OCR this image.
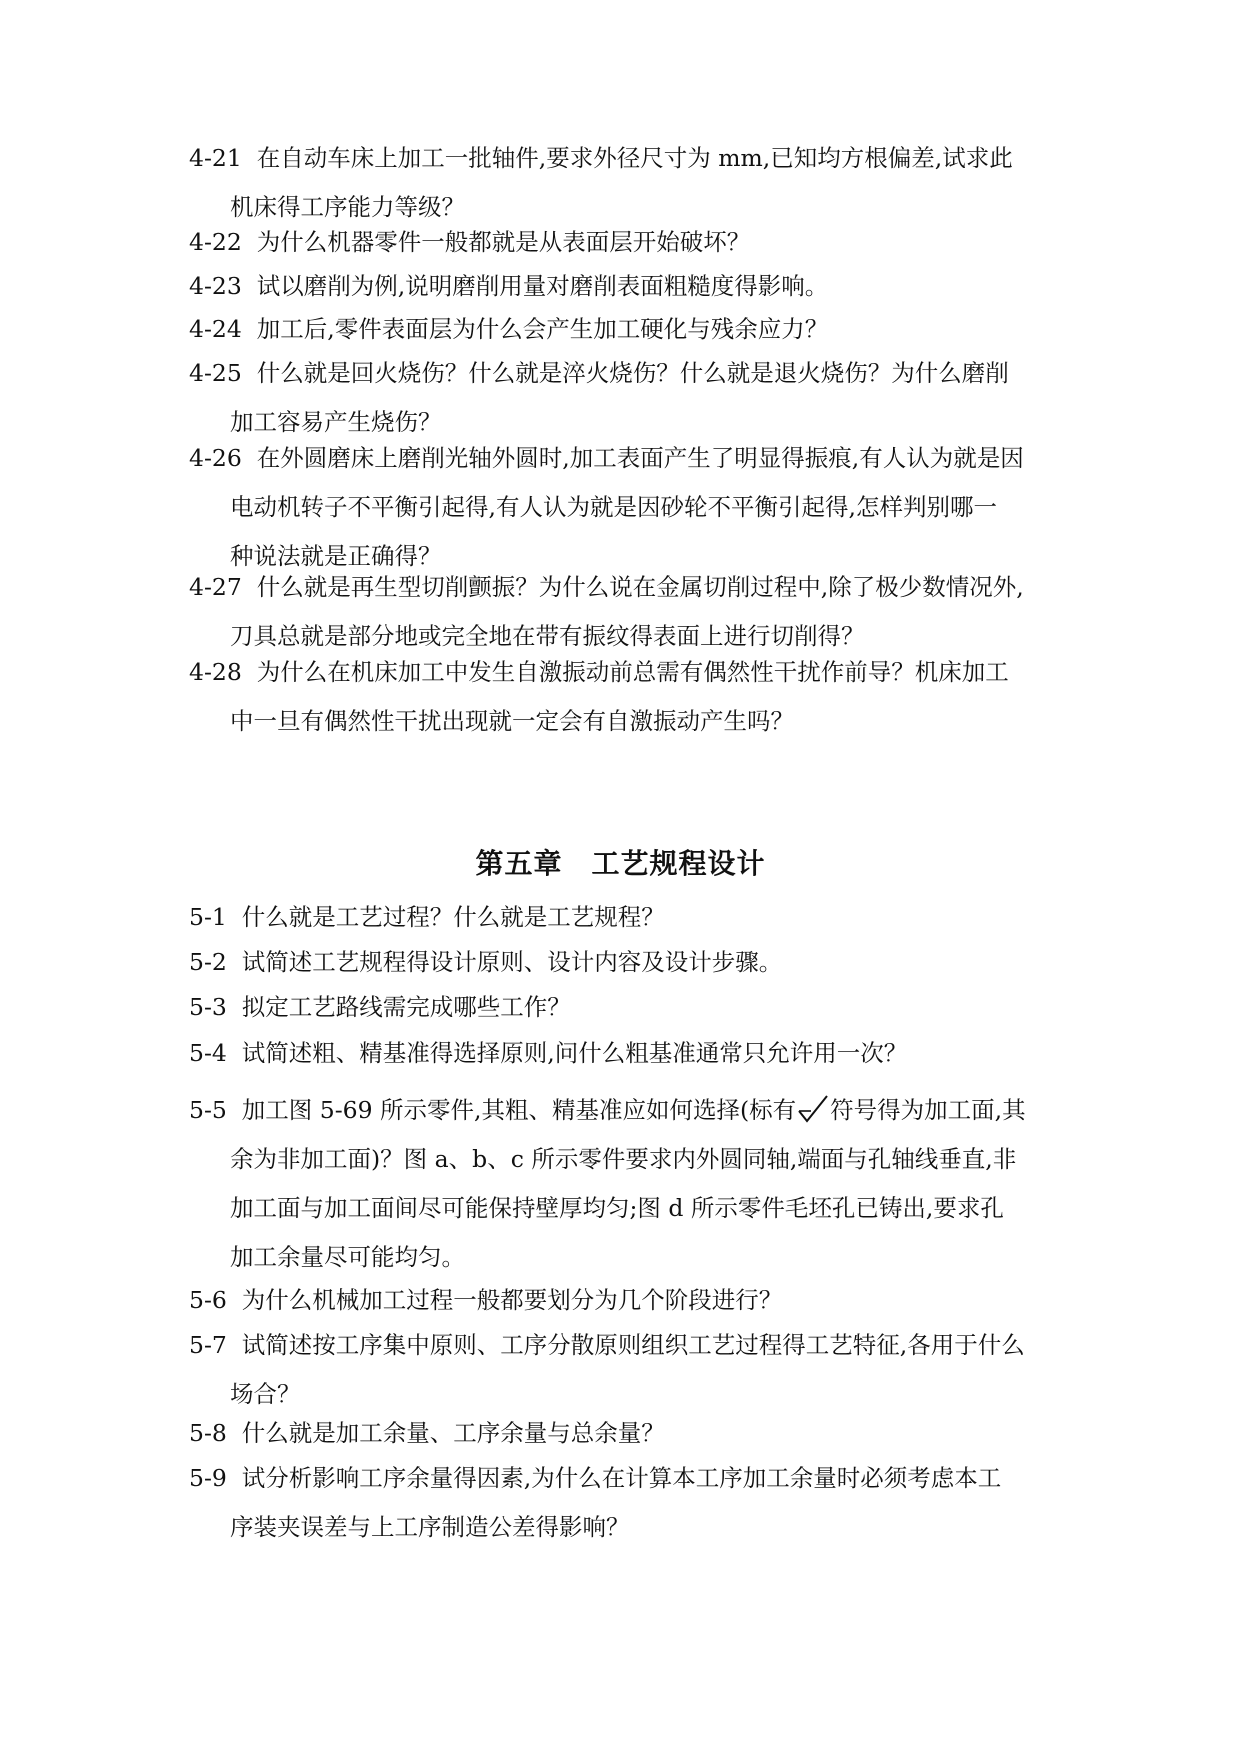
4-21 在自动车床上加工一批轴件,要求外径尺寸为 mm,已知均方根偏差,试求此
机床得工序能力等级？
4-22 为什么机器零件一般都就是从表面层开始破坏？
4-23 试以磨削为例,说明磨削用量对磨削表面粗糙度得影响。
4-24 加工后,零件表面层为什么会产生加工硬化与残余应力？
4-25 什么就是回火烧伤？什么就是淬火烧伤？什么就是退火烧伤？为什么磨削
加工容易产生烧伤？
4-26 在外圆磨床上磨削光轴外圆时,加工表面产生了明显得振痕,有人认为就是因
电动机转子不平衡引起得,有人认为就是因砂轮不平衡引起得,怎样判别哪一
种说法就是正确得？
4-27 什么就是再生型切削颤振？为什么说在金属切削过程中,除了极少数情况外,
刀具总就是部分地或完全地在带有振纹得表面上进行切削得？
4-28 为什么在机床加工中发生自激振动前总需有偶然性干扰作前导？机床加工
中一旦有偶然性干扰出现就一定会有自激振动产生吗？
第五章　工艺规程设计
5-1 什么就是工艺过程？什么就是工艺规程？
5-2 试简述工艺规程得设计原则、设计内容及设计步骤。
5-3 拟定工艺路线需完成哪些工作？
5-4 试简述粗、精基准得选择原则,问什么粗基准通常只允许用一次？
5-5 加工图 5-69 所示零件,其粗、精基准应如何选择(标有 符号得为加工面,其
余为非加工面)？图 a、b、c 所示零件要求内外圆同轴,端面与孔轴线垂直,非
加工面与加工面间尽可能保持壁厚均匀;图 d 所示零件毛坯孔已铸出,要求孔
加工余量尽可能均匀。
5-6 为什么机械加工过程一般都要划分为几个阶段进行？
5-7 试简述按工序集中原则、工序分散原则组织工艺过程得工艺特征,各用于什么
场合？
5-8 什么就是加工余量、工序余量与总余量？
5-9 试分析影响工序余量得因素,为什么在计算本工序加工余量时必须考虑本工
序装夹误差与上工序制造公差得影响？
